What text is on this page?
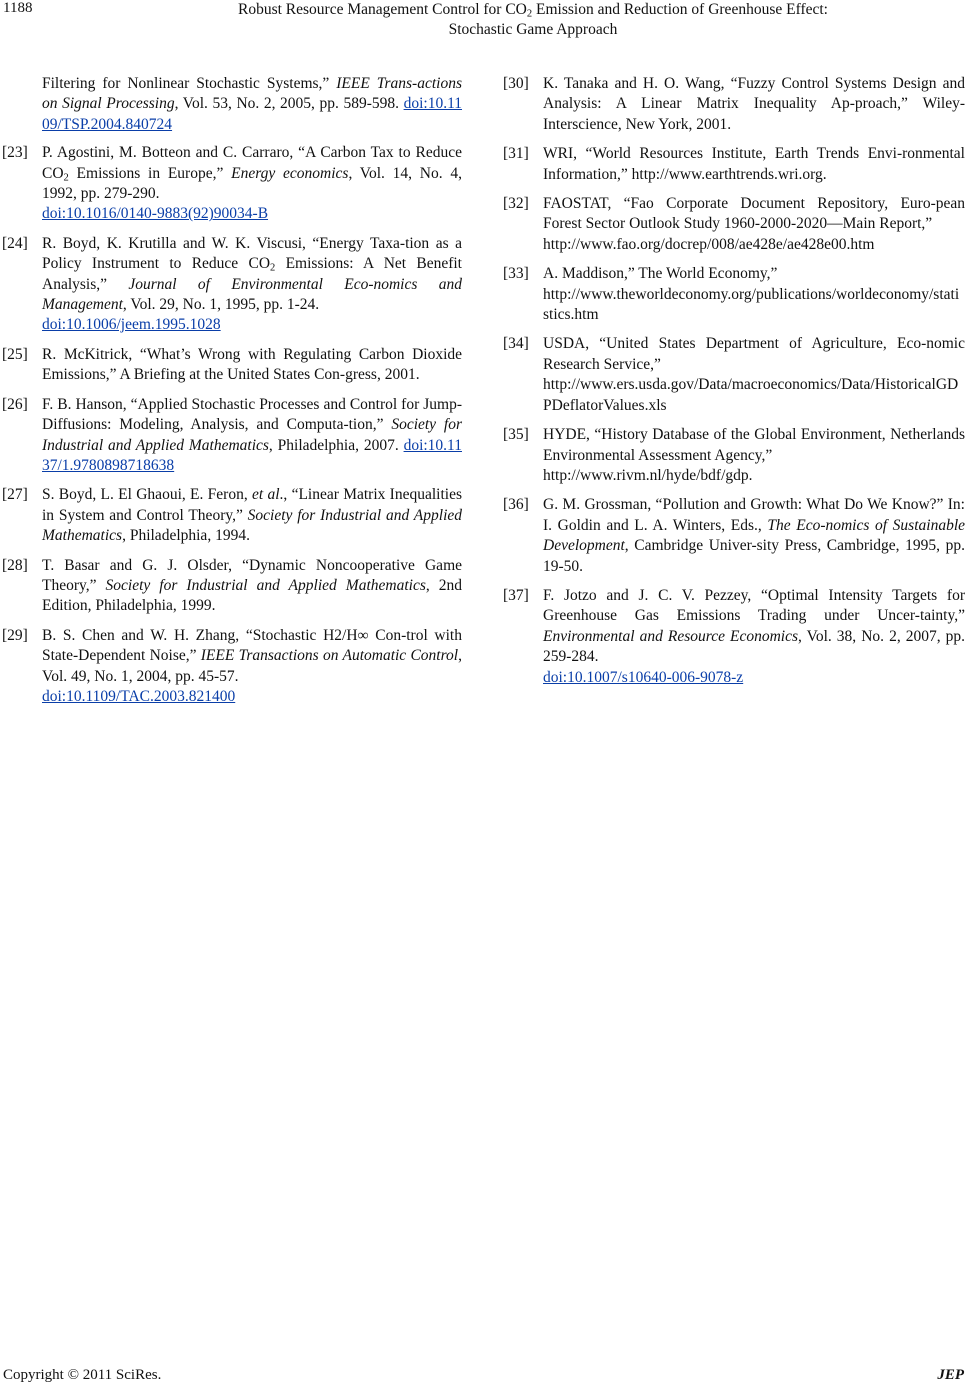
1188	Robust Resource Management Control for $CO_2$ Emission and Reduction of Greenhouse Effect:
Stochastic Game Approach
Filtering for Nonlinear Stochastic Systems,” IEEE Trans-actions on Signal Processing, Vol. 53, No. 2, 2005, pp. 589-598. doi:10.1109/TSP.2004.840724
[23] P. Agostini, M. Botteon and C. Carraro, “A Carbon Tax to Reduce $CO_2$ Emissions in Europe,” Energy economics, Vol. 14, No. 4, 1992, pp. 279-290.
doi:10.1016/0140-9883(92)90034-B
[24] R. Boyd, K. Krutilla and W. K. Viscusi, “Energy Taxa-tion as a Policy Instrument to Reduce $CO_2$ Emissions: A Net Benefit Analysis,” Journal of Environmental Eco-nomics and Management, Vol. 29, No. 1, 1995, pp. 1-24.
doi:10.1006/jeem.1995.1028
[25] R. McKitrick, “What’s Wrong with Regulating Carbon Dioxide Emissions,” A Briefing at the United States Con-gress, 2001.
[26] F. B. Hanson, “Applied Stochastic Processes and Control for Jump-Diffusions: Modeling, Analysis, and Computa-tion,” Society for Industrial and Applied Mathematics, Philadelphia, 2007. doi:10.1137/1.9780898718638
[27] S. Boyd, L. El Ghaoui, E. Feron, et al., “Linear Matrix Inequalities in System and Control Theory,” Society for Industrial and Applied Mathematics, Philadelphia, 1994.
[28] T. Basar and G. J. Olsder, “Dynamic Noncooperative Game Theory,” Society for Industrial and Applied Mathematics, 2nd Edition, Philadelphia, 1999.
[29] B. S. Chen and W. H. Zhang, “Stochastic H2/H∞ Con-trol with State-Dependent Noise,” IEEE Transactions on Automatic Control, Vol. 49, No. 1, 2004, pp. 45-57.
doi:10.1109/TAC.2003.821400
[30] K. Tanaka and H. O. Wang, “Fuzzy Control Systems Design and Analysis: A Linear Matrix Inequality Ap-proach,” Wiley-Interscience, New York, 2001.
[31] WRI, “World Resources Institute, Earth Trends Envi-ronmental Information,” http://www.earthtrends.wri.org.
[32] FAOSTAT, “Fao Corporate Document Repository, Euro-pean Forest Sector Outlook Study 1960-2000-2020—Main Report,”
http://www.fao.org/docrep/008/ae428e/ae428e00.htm
[33] A. Maddison,” The World Economy,”
http://www.theworldeconomy.org/publications/worldeconomy/statistics.htm
[34] USDA, “United States Department of Agriculture, Eco-nomic Research Service,”
http://www.ers.usda.gov/Data/macroeconomics/Data/HistoricalGDPDeflatorValues.xls
[35] HYDE, “History Database of the Global Environment, Netherlands Environmental Assessment Agency,”
http://www.rivm.nl/hyde/bdf/gdp.
[36] G. M. Grossman, “Pollution and Growth: What Do We Know?” In: I. Goldin and L. A. Winters, Eds., The Eco-nomics of Sustainable Development, Cambridge Univer-sity Press, Cambridge, 1995, pp. 19-50.
[37] F. Jotzo and J. C. V. Pezzey, “Optimal Intensity Targets for Greenhouse Gas Emissions Trading under Uncer-tainty,” Environmental and Resource Economics, Vol. 38, No. 2, 2007, pp. 259-284.
doi:10.1007/s10640-006-9078-z
Copyright © 2011 SciRes.	JEP
